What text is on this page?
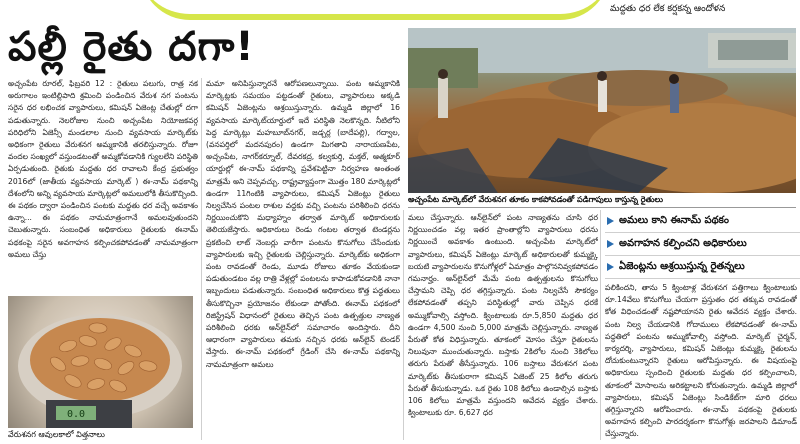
మద్దతు ధర లేక కర్షకన్న ఆందోళన
పల్లీ రైతు దగా!

అచ్చంపేట రూరల్, ఫిబ్రవరి 12 : రైతులు పలుగు, రాత్ర నక అరుగాలం ఇంటిల్లిపాది శ్రమించి పండించిన వేరుశ నగ పంటను సరైన ధర లభించక వ్యాపారులు, కమిషన్ ఏజెంట్ల చేతుల్లో దగా పడుతున్నారు. నెలరోజుల నుంచి అచ్చంపేట నియోజకవర్గ పరిధిలోని ఏజెన్సీ మండలాల నుంచి వ్యవసాయ మార్కెట్‌కు అధికంగా రైతులు వేరుశనగ అమ్మకానికి తరలిస్తున్నారు. రోజూ వందల సంఖ్యలో వస్తుండటంతో అమ్మకోవడానికి గ్యులలేని పరిస్థితి ఏర్పడుతుంది. రైతుకు మద్దతు ధర రావాలని కేంద్ర ప్రభుత్వం 2016లో (జాతీయ వ్యవసాయ మార్కెట్ ) ఈ-నామ్ పథకాన్ని దేశంలోని అన్ని వ్యవసాయ మార్కెట్లలో అమలులోకి తీసుకొచ్చింది. ఈ పథకం ద్వారా పండించిన పంటకు మద్దతు ధర వచ్చే అవకాశం ఉన్నా... ఈ పథకం నామమాత్రంగానే అమలవుతుందని చెబుతున్నారు. సంబంధిత అధికారులు రైతులకు ఈనామ్ పథకంపై సరైన అవగాహన కల్పించకపోవడంతో నామమాత్రంగా అమలు చేస్తు

మమా అనిపిస్తున్నారనే ఆరోపణలున్నాయి. పంట అమ్మకానికి మార్కెట్లకు సమయం పట్టడంతో రైతులు, వ్యాపారులు అక్కడి కమిషన్ ఏజెంట్లను ఆశ్రయిస్తున్నారు. ఉమ్మడి జిల్లాలో 16 వ్యవసాయ మార్కెట్‌యార్డులో ఇదే పరిస్థితి నెలకొన్నది. నీటిలోని పెద్ద మార్కెట్లు మహబూబ్‌నగర్, జడ్చర్ల (బాదేపల్లి), గద్వాల, (వనపర్తిలో మదనపురం) ఉండగా మిగతావి నారాయణపేట, అచ్చంపేట, నాగర్‌కర్నూల్, దేవరకద్ర, కల్వకుర్తి, మక్తల్, ఆత్మకూర్ యార్డుల్లో ఈ-నామ్ పథకాన్ని ప్రవేశపెట్టినా నిర్వహణ అంతంత మాత్రమే అని చెప్పవచ్చు. రాష్ట్రవ్యాప్తంగా మొత్తం 180 మార్కెట్లలో ఉండగా 11గింటికి వ్యాపారులు, కమిషన్ ఏజెంట్లు రైతులు నిల్వచేసిన పంటల రాశుల వద్దకు వచ్చి పంటను పరిశీలించి ధరను నిర్ణయించుకొని మధ్యాహ్నం తర్వాత మార్కెట్ అధికారులకు తెలియజేస్తారు. అధికారులు రెండు గంటల తర్వాత టెండర్లను ప్రకటించి లాట్ నెంబర్లు వారీగా పంటను కొనుగోలు చేసేందుకు వ్యాపారులకు ఇచ్చి రైతులకు చెల్లిస్తున్నారు. మార్కెట్‌కు అధికంగా పంట రావడంతో రెండు, మూడు రోజులు తూకం వేయకుండా పడుతుండటం వల్ల రాత్రి వేళ్లల్లో పంటలను కాపాడుకోవడానికి నానా ఇబ్బందులు పడుతున్నారు. సంబంధిత అధికారులు కొత్త పద్ధతులు తీసుకొచ్చినా ప్రయోజనం లేకుండా పోతోంది. ఈనామ్ పథకంలో రిజిస్ట్రేషన్ విధానంలో రైతులు తెచ్చిన పంట ఉత్పత్తుల నాణ్యత పరిశీలించి ధరకు ఆన్‌లైన్‌లో సమాచారం అందిస్తారు. దీని ఆధారంగా వ్యాపారులు తమకు నచ్చిన ధరకు ఆన్‌లైన్ టెండర్ వేస్తారు. ఈ-నామ్ పథకంలో గ్రేడింగ్ చేసి ఈ-నామ్ పథకాన్ని నామమాత్రంగా అమలు

అచ్చంపేట మార్కెట్‌లో వేరుశనగ తూకం కాకపోవడంతో పడిగాపులు కాస్తున్న రైతులు

మలు చేస్తున్నారు. ఆన్‌లైన్‌లో పంట నాణ్యతను చూసి ధర నిర్ణయించడం వల్ల ఇతర ప్రాంతాల్లోని వ్యాపారులు ధరను నిర్ణయించే అవకాశం ఉంటుంది. అచ్చంపేట మార్కెట్‌లో వ్యాపారులు, కమిషన్ ఏజెంట్లు మార్కెట్ అధికారులతో కుమ్మక్కై బయటి వ్యాపారులను కొనుగోళ్లలో ఏమాత్రం పాల్గొననివ్వకపోవడం గమనార్హం. ఆన్‌లైన్‌లో మేమే పంట ఉత్పత్తులను కొనుగోలు చేస్తామని చెప్పి ధర తగ్గిస్తున్నారు. పంట నిల్వచేసే సౌకర్యం లేకపోవడంతో తప్పని పరిస్థితుల్లో వారు చెప్పిన ధరకే అమ్ముకోవాల్సి వస్తోంది. క్వింటాలుకు రూ.5,850 మద్దతు ధర ఉండగా 4,500 నుంచి 5,000 మాత్రమే చెల్లిస్తున్నారు. నాణ్యత పేరుతో కోత విధిస్తున్నారు. తూకంలో మోసం చేస్తూ రైతులను నిలువునా ముంచుతున్నారు. బస్తాకు 2కిలోల నుంచి 3కిలోలు తరుగు పేరుతో తీసేస్తున్నారు. 106 బస్తాలు వేరుశనగ పంట మార్కెట్‌కు తీసుకురాగా కమిషన్ ఏజెంట్ 25 కిలోల తరుగు పేరుతో తీసుకున్నాడు. ఒక రైతు 108 కిలోలు ఉండాల్సిన బస్తాకు 106 కిలోలు మాత్రమే వస్తుందని ఆవేదన వ్యక్తం చేశారు. క్వింటాలుకు రూ. 6,627 ధర

అమలు కాని ఈనామ్ పథకం
అవగాహన కల్పించని అధికారులు
ఏజెంట్లను ఆశ్రయిస్తున్న రైతన్నలు

పలికిందని, తాను 5 క్వింటాళ్ల వేరుశనగ పత్తిగాలు క్వింటాలుకు రూ.14వేలు కొనుగోలు చేయగా ప్రస్తుతం ధర తక్కువ రావడంతో కోత విధించడంతో నష్టపోయానని రైతు ఆవేదన వ్యక్తం చేశారు. పంట నిల్వ చేయడానికి గోదాములు లేకపోవడంతో ఈ-నామ్ పద్ధతిలో పంటను అమ్ముకోవాల్సి వస్తోంది. మార్కెట్ చైర్మన్, కార్యదర్శి, వ్యాపారులు, కమిషన్ ఏజెంట్లు కుమ్మక్కై రైతులను దోచుకుంటున్నారని రైతులు ఆరోపిస్తున్నారు. ఈ విషయంపై అధికారులు స్పందించి రైతులకు మద్దతు ధర కల్పించాలని, తూకంలో మోసాలను అరికట్టాలని కోరుతున్నారు. ఉమ్మడి జిల్లాలో వ్యాపారులు, కమిషన్ ఏజెంట్లు సిండికేట్‌గా మారి ధరలు తగ్గిస్తున్నారని ఆరోపించారు. ఈ-నామ్ పథకంపై రైతులకు అవగాహన కల్పించి పారదర్శకంగా కొనుగోళ్లు జరపాలని డిమాండ్ చేస్తున్నారు.

0.0
వేరుశనగ ఆవులకాలో విత్తనాలు
